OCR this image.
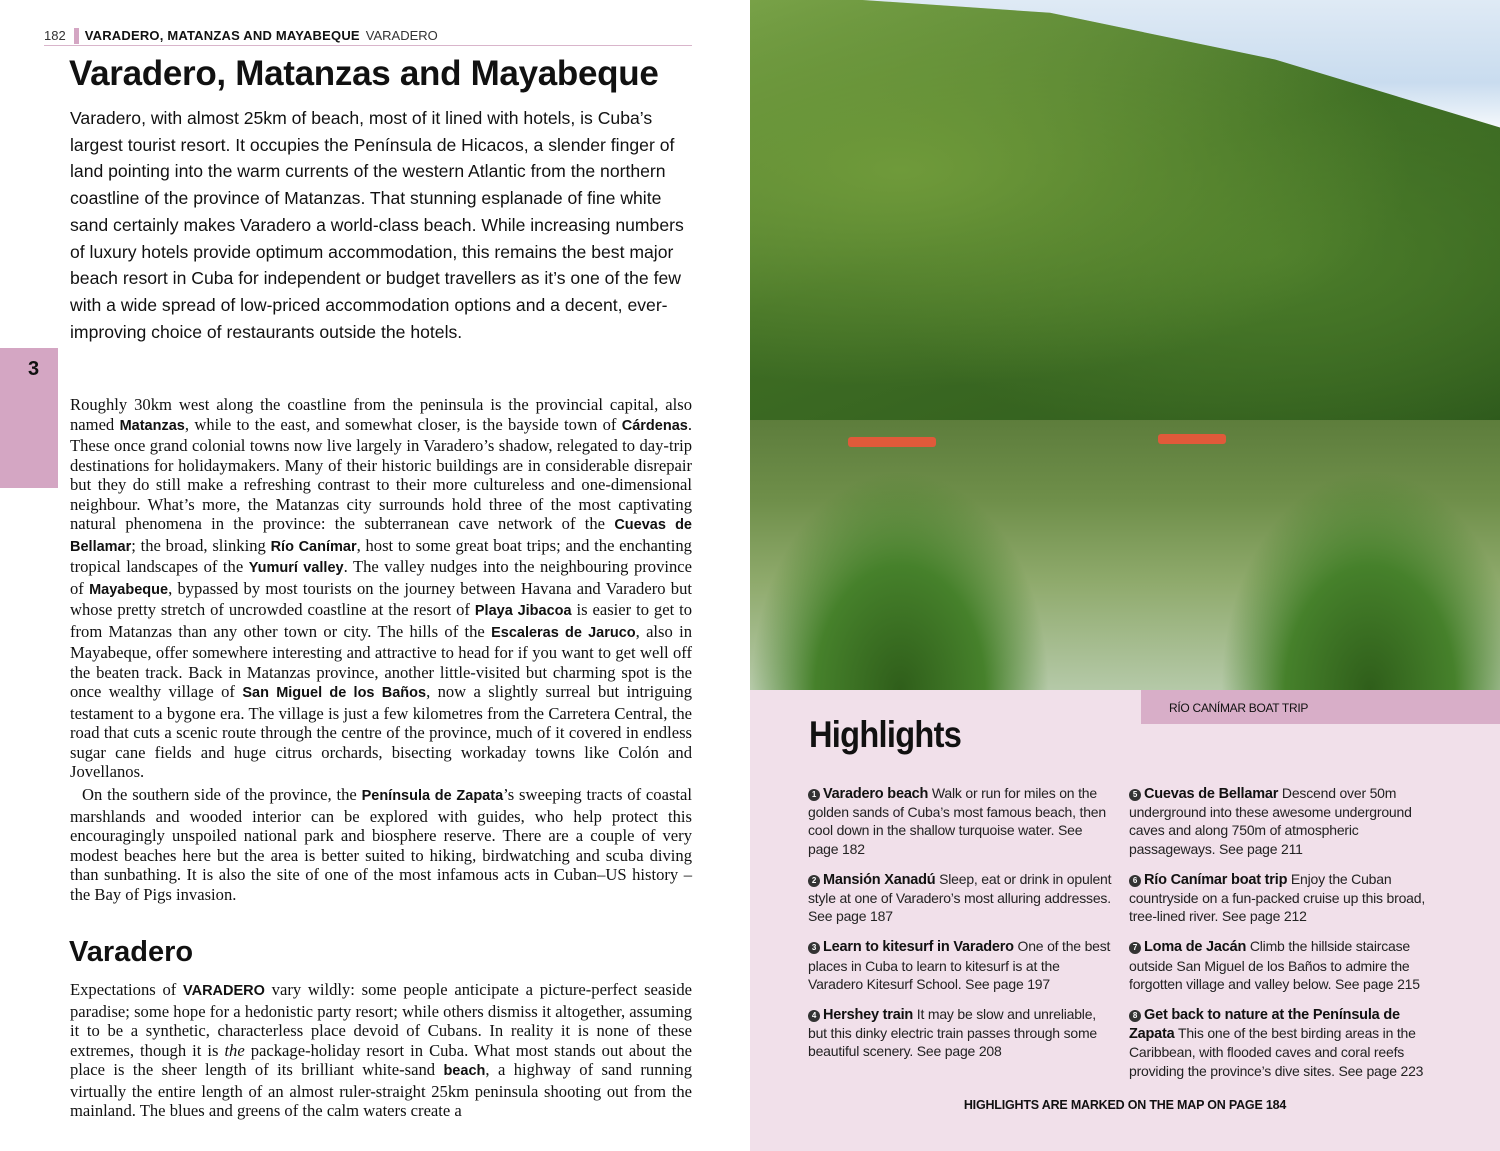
182 VARADERO, MATANZAS AND MAYABEQUE VARADERO
Varadero, Matanzas and Mayabeque

Varadero, with almost 25km of beach, most of it lined with hotels, is Cuba’s largest tourist resort. It occupies the Península de Hicacos, a slender finger of land pointing into the warm currents of the western Atlantic from the northern coastline of the province of Matanzas. That stunning esplanade of fine white sand certainly makes Varadero a world-class beach. While increasing numbers of luxury hotels provide optimum accommodation, this remains the best major beach resort in Cuba for independent or budget travellers as it’s one of the few with a wide spread of low-priced accommodation options and a decent, ever-improving choice of restaurants outside the hotels.

3

Roughly 30km west along the coastline from the peninsula is the provincial capital, also named Matanzas, while to the east, and somewhat closer, is the bayside town of Cárdenas. These once grand colonial towns now live largely in Varadero’s shadow, relegated to day-trip destinations for holidaymakers. Many of their historic buildings are in considerable disrepair but they do still make a refreshing contrast to their more cultureless and one-dimensional neighbour. What’s more, the Matanzas city surrounds hold three of the most captivating natural phenomena in the province: the subterranean cave network of the Cuevas de Bellamar; the broad, slinking Río Canímar, host to some great boat trips; and the enchanting tropical landscapes of the Yumurí valley. The valley nudges into the neighbouring province of Mayabeque, bypassed by most tourists on the journey between Havana and Varadero but whose pretty stretch of uncrowded coastline at the resort of Playa Jibacoa is easier to get to from Matanzas than any other town or city. The hills of the Escaleras de Jaruco, also in Mayabeque, offer somewhere interesting and attractive to head for if you want to get well off the beaten track. Back in Matanzas province, another little-visited but charming spot is the once wealthy village of San Miguel de los Baños, now a slightly surreal but intriguing testament to a bygone era. The village is just a few kilometres from the Carretera Central, the road that cuts a scenic route through the centre of the province, much of it covered in endless sugar cane fields and huge citrus orchards, bisecting workaday towns like Colón and Jovellanos.

On the southern side of the province, the Península de Zapata’s sweeping tracts of coastal marshlands and wooded interior can be explored with guides, who help protect this encouragingly unspoiled national park and biosphere reserve. There are a couple of very modest beaches here but the area is better suited to hiking, birdwatching and scuba diving than sunbathing. It is also the site of one of the most infamous acts in Cuban–US history – the Bay of Pigs invasion.

Varadero

Expectations of VARADERO vary wildly: some people anticipate a picture-perfect seaside paradise; some hope for a hedonistic party resort; while others dismiss it altogether, assuming it to be a synthetic, characterless place devoid of Cubans. In reality it is none of these extremes, though it is the package-holiday resort in Cuba. What most stands out about the place is the sheer length of its brilliant white-sand beach, a highway of sand running virtually the entire length of an almost ruler-straight 25km peninsula shooting out from the mainland. The blues and greens of the calm waters create a

Highlights
1 Varadero beach Walk or run for miles on the golden sands of Cuba’s most famous beach, then cool down in the shallow turquoise water. See page 182
2 Mansión Xanadú Sleep, eat or drink in opulent style at one of Varadero’s most alluring addresses. See page 187
3 Learn to kitesurf in Varadero One of the best places in Cuba to learn to kitesurf is at the Varadero Kitesurf School. See page 197
4 Hershey train It may be slow and unreliable, but this dinky electric train passes through some beautiful scenery. See page 208
5 Cuevas de Bellamar Descend over 50m underground into these awesome underground caves and along 750m of atmospheric passageways. See page 211
6 Río Canímar boat trip Enjoy the Cuban countryside on a fun-packed cruise up this broad, tree-lined river. See page 212
7 Loma de Jacán Climb the hillside staircase outside San Miguel de los Baños to admire the forgotten village and valley below. See page 215
8 Get back to nature at the Península de Zapata This one of the best birding areas in the Caribbean, with flooded caves and coral reefs providing the province’s dive sites. See page 223
HIGHLIGHTS ARE MARKED ON THE MAP ON PAGE 184
RÍO CANÍMAR BOAT TRIP
